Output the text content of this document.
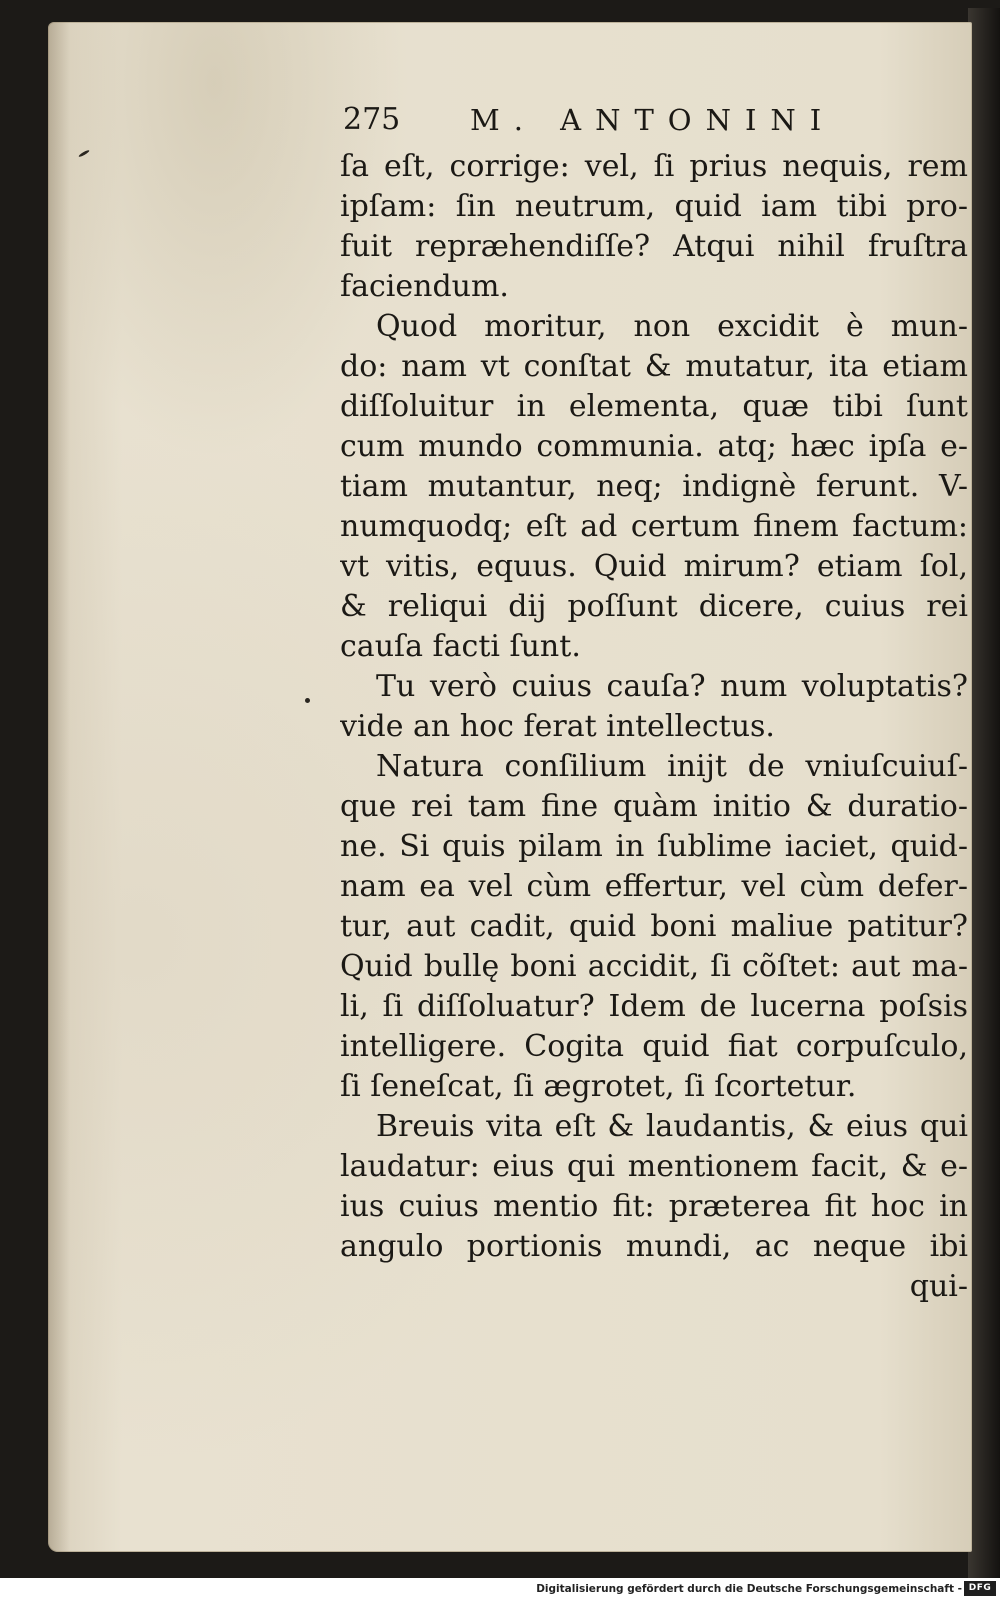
275 M. ANTONINI
ſa eſt, corrige: vel, ſi prius nequis, rem
ipſam: ſin neutrum, quid iam tibi pro-
fuit repræhendiſſe? Atqui nihil fruſtra
faciendum.
Quod moritur, non excidit è mun-
do: nam vt conſtat & mutatur, ita etiam
diſſoluitur in elementa, quæ tibi ſunt
cum mundo communia. atq; hæc ipſa e-
tiam mutantur, neq; indignè ferunt. V-
numquodq; eſt ad certum finem factum:
vt vitis, equus. Quid mirum? etiam ſol,
& reliqui dij poſſunt dicere, cuius rei
cauſa facti ſunt.
Tu verò cuius cauſa? num voluptatis?
vide an hoc ferat intellectus.
Natura conſilium inijt de vniuſcuiuſ-
que rei tam fine quàm initio & duratio-
ne. Si quis pilam in ſublime iaciet, quid-
nam ea vel cùm effertur, vel cùm defer-
tur, aut cadit, quid boni maliue patitur?
Quid bullę boni accidit, ſi cõſtet: aut ma-
li, ſi diſſoluatur? Idem de lucerna poſsis
intelligere. Cogita quid fiat corpuſculo,
ſi ſeneſcat, ſi ægrotet, ſi ſcortetur.
Breuis vita eſt & laudantis, & eius qui
laudatur: eius qui mentionem facit, & e-
ius cuius mentio fit: præterea fit hoc in
angulo portionis mundi, ac neque ibi
qui-
Digitalisierung gefördert durch die Deutsche Forschungsgemeinschaft - DFG
